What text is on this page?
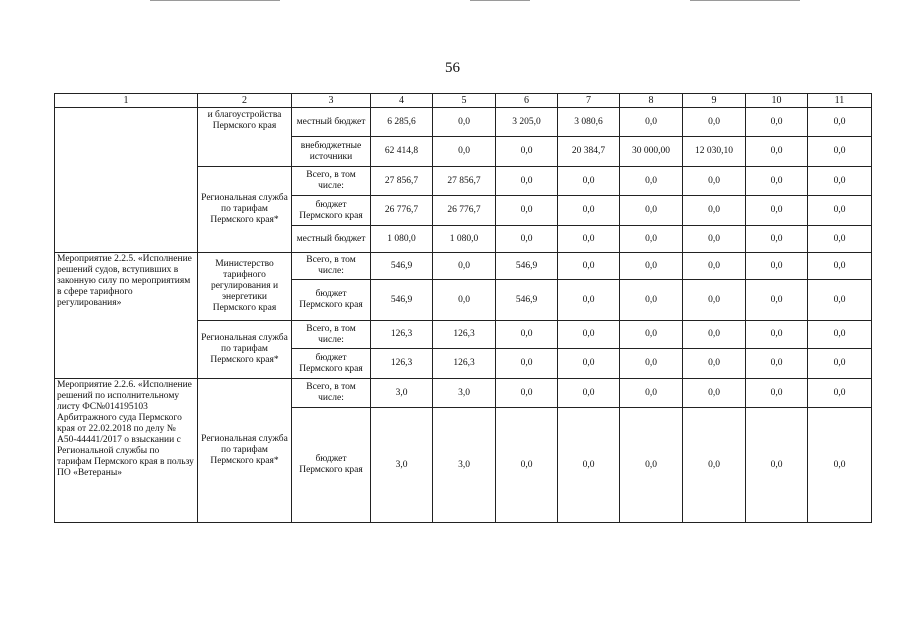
56
1	2	3	4	5	6	7	8	9	10	11
	и благоустройства Пермского края	местный бюджет	6 285,6	0,0	3 205,0	3 080,6	0,0	0,0	0,0	0,0
		внебюджетные источники	62 414,8	0,0	0,0	20 384,7	30 000,00	12 030,10	0,0	0,0
	Региональная служба по тарифам Пермского края*	Всего, в том числе:	27 856,7	27 856,7	0,0	0,0	0,0	0,0	0,0	0,0
		бюджет Пермского края	26 776,7	26 776,7	0,0	0,0	0,0	0,0	0,0	0,0
		местный бюджет	1 080,0	1 080,0	0,0	0,0	0,0	0,0	0,0	0,0
Мероприятие 2.2.5. «Исполнение решений судов, вступивших в законную силу по мероприятиям в сфере тарифного регулирования»	Министерство тарифного регулирования и энергетики Пермского края	Всего, в том числе:	546,9	0,0	546,9	0,0	0,0	0,0	0,0	0,0
		бюджет Пермского края	546,9	0,0	546,9	0,0	0,0	0,0	0,0	0,0
	Региональная служба по тарифам Пермского края*	Всего, в том числе:	126,3	126,3	0,0	0,0	0,0	0,0	0,0	0,0
		бюджет Пермского края	126,3	126,3	0,0	0,0	0,0	0,0	0,0	0,0
Мероприятие 2.2.6. «Исполнение решений по исполнительному листу ФС№014195103 Арбитражного суда Пермского края от 22.02.2018 по делу № А50-44441/2017 о взыскании с Региональной службы по тарифам Пермского края в пользу ПО «Ветераны»	Региональная служба по тарифам Пермского края*	Всего, в том числе:	3,0	3,0	0,0	0,0	0,0	0,0	0,0	0,0
		бюджет Пермского края	3,0	3,0	0,0	0,0	0,0	0,0	0,0	0,0
